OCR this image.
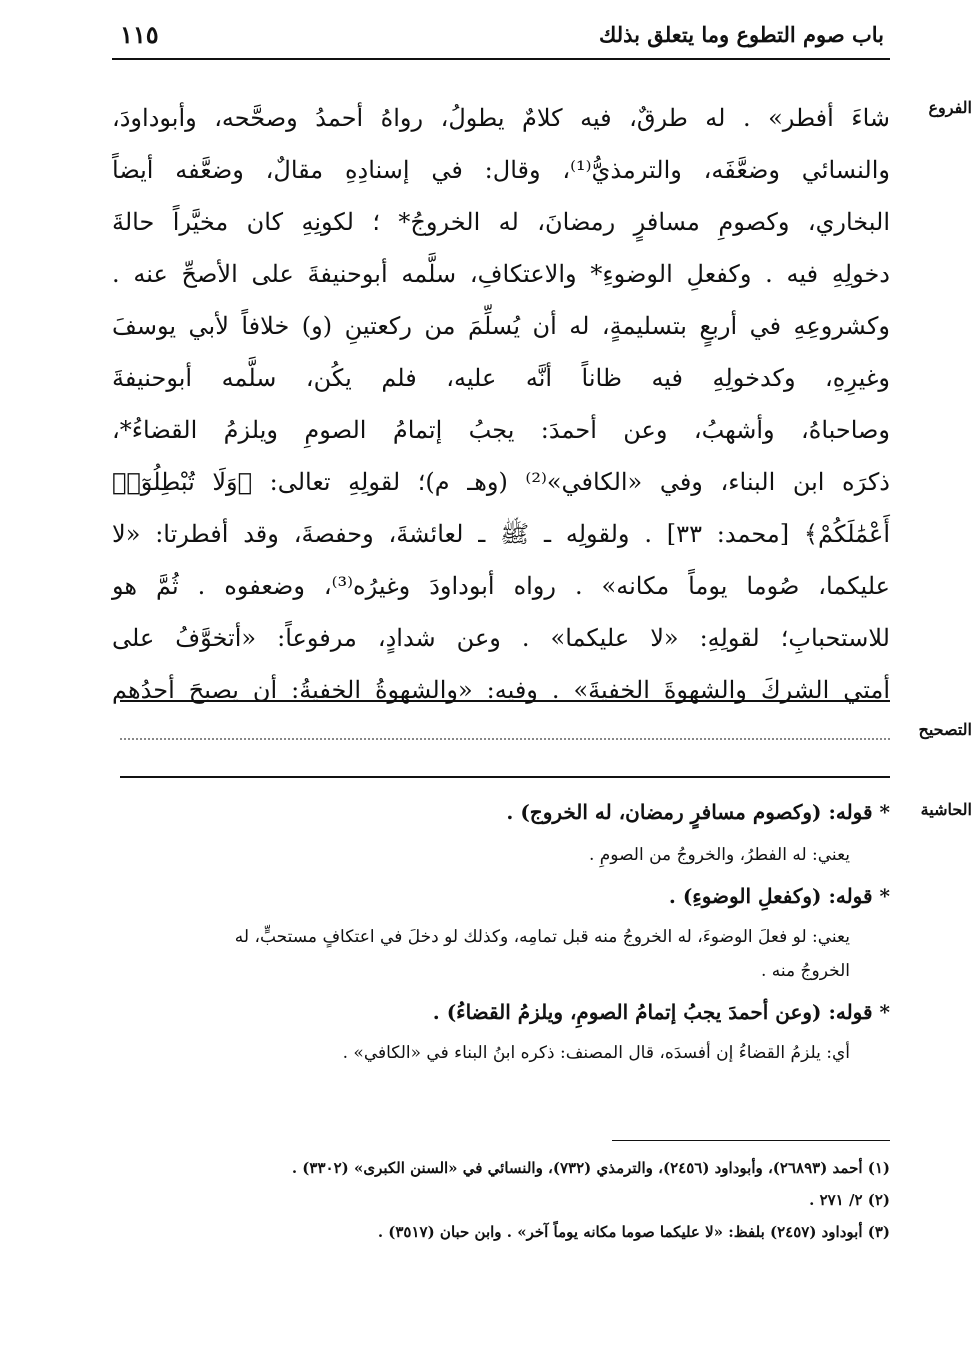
باب صوم التطوع وما يتعلق بذلك
١١٥
الفروع
التصحيح
الحاشية
شاءَ أفطر» . له طرقٌ، فيه كلامٌ يطولُ، رواهُ أحمدُ وصحَّحه، وأبوداودَ،
والنسائي وضعَّفَه، والترمذيُّ⁽¹⁾، وقال: في إسنادِهِ مقالٌ، وضعَّفه أيضاً
البخاري، وكصومِ مسافرٍ رمضانَ، له الخروجُ* ؛ لكونِهِ كان مخيَّراً حالةَ
دخولِهِ فيه . وكفعلِ الوضوءِ* والاعتكافِ، سلَّمه أبوحنيفةَ على الأصحِّ عنه .
وكشروعِهِ في أربعٍ بتسليمةٍ، له أن يُسلِّمَ من ركعتينِ (و) خلافاً لأبي يوسفَ
وغيرِهِ، وكدخولِهِ فيه ظاناً أنَّه عليه، فلم يكُن، سلَّمه أبوحنيفةَ
وصاحباهُ، وأشهبُ، وعن أحمدَ: يجبُ إتمامُ الصومِ ويلزمُ القضاءُ*،
ذكرَه ابن البناء، وفي «الكافي»⁽²⁾ (وهـ م)؛ لقولِهِ تعالى: ﴿وَلَا تُبْطِلُوٓا۟
أَعْمَٰلَكُمْ﴾ [محمد: ٣٣] . ولقولِه ـ ﷺ ـ لعائشةَ، وحفصةَ، وقد أفطرتا: «لا
عليكما، صُوما يوماً مكانه» . رواه أبوداودَ وغيرُه⁽³⁾، وضعفوه . ثُمَّ هو
للاستحبابِ؛ لقولِهِ: «لا عليكما» . وعن شدادٍ، مرفوعاً: «أتخوَّفُ على
أمتي الشركَ والشهوةَ الخفيةَ» . وفيه: «والشهوةُ الخفيةُ: أن يصبحَ أحدُهم

* قوله: (وكصوم مسافرٍ رمضان، له الخروج) .

يعني: له الفطرُ، والخروجُ من الصومِ .

* قوله: (وكفعلِ الوضوءِ) .

يعني: لو فعلَ الوضوءَ، له الخروجُ منه قبل تمامِه، وكذلك لو دخلَ في اعتكافٍ مستحبٍّ، له

الخروجُ منه .

* قوله: (وعن أحمدَ يجبُ إتمامُ الصومِ، ويلزمُ القضاءُ) .

أي: يلزمُ القضاءُ إن أفسدَه، قال المصنف: ذكره ابنُ البناء في «الكافي» .

(١) أحمد (٢٦٨٩٣)، وأبوداود (٢٤٥٦)، والترمذي (٧٣٢)، والنسائي في «السنن الكبرى» (٣٣٠٢) .

(٢) ٢/ ٢٧١ .

(٣) أبوداود (٢٤٥٧) بلفظ: «لا عليكما صوما مكانه يوماً آخر» . وابن حبان (٣٥١٧) .
